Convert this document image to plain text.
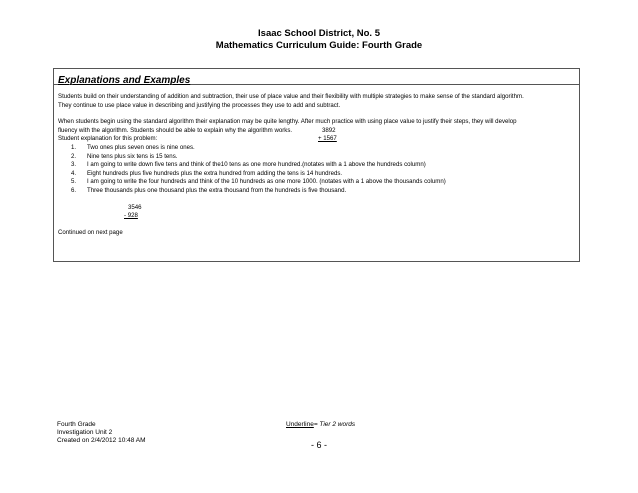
Isaac School District, No. 5
Mathematics Curriculum Guide: Fourth Grade
Explanations and Examples

Students build on their understanding of addition and subtraction, their use of place value and their flexibility with multiple strategies to make sense of the standard algorithm.

They continue to use place value in describing and justifying the processes they use to add and subtract.

When students begin using the standard algorithm their explanation may be quite lengthy. After much practice with using place value to justify their steps, they will develop

fluency with the algorithm. Students should be able to explain why the algorithm works.	3892
Student explanation for this problem:	+ 1567
1. Two ones plus seven ones is nine ones.
2. Nine tens plus six tens is 15 tens.
3. I am going to write down five tens and think of the10 tens as one more hundred.(notates with a 1 above the hundreds column)
4. Eight hundreds plus five hundreds plus the extra hundred from adding the tens is 14 hundreds.
5. I am going to write the four hundreds and think of the 10 hundreds as one more 1000. (notates with a 1 above the thousands column)
6. Three thousands plus one thousand plus the extra thousand from the hundreds is five thousand.
3546
- 928

Continued on next page

Fourth Grade
Investigation Unit 2
Created on 2/4/2012 10:48 AM
Underline= Tier 2 words
- 6 -
